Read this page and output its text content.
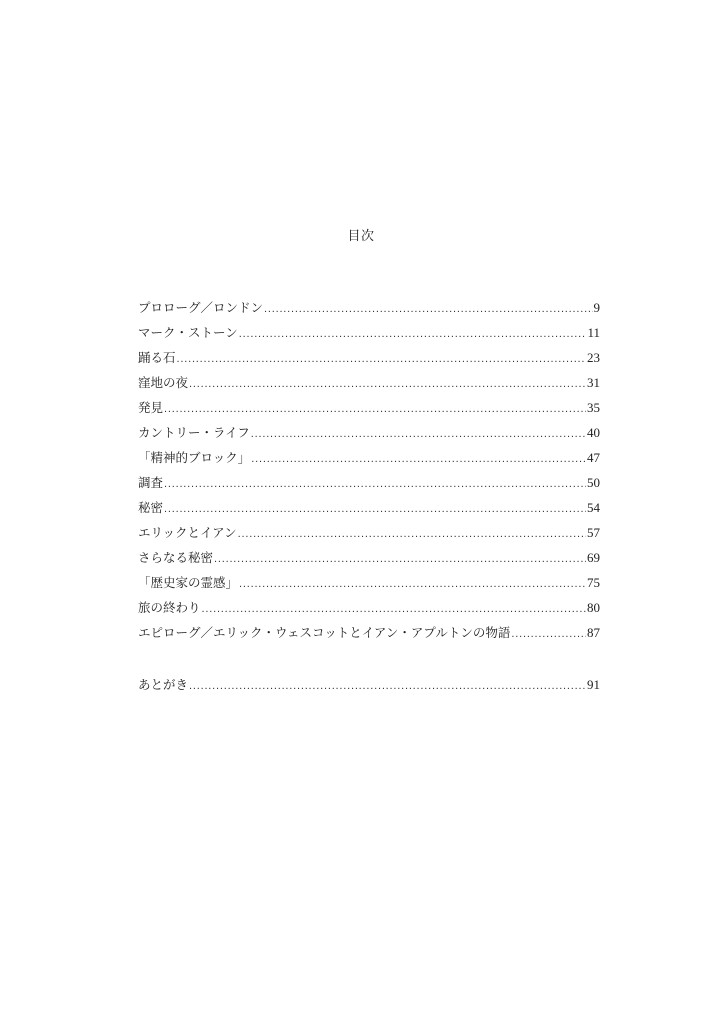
目次
プロローグ／ロンドン .....	9
マーク・ストーン .....	11
踊る石 .....	23
窪地の夜 .....	31
発見 .....	35
カントリー・ライフ .....	40
「精神的ブロック」 .....	47
調査 .....	50
秘密 .....	54
エリックとイアン .....	57
さらなる秘密 .....	69
「歴史家の霊感」 .....	75
旅の終わり .....	80
エピローグ／エリック・ウェスコットとイアン・アプルトンの物語 .....	87
あとがき .....	91
